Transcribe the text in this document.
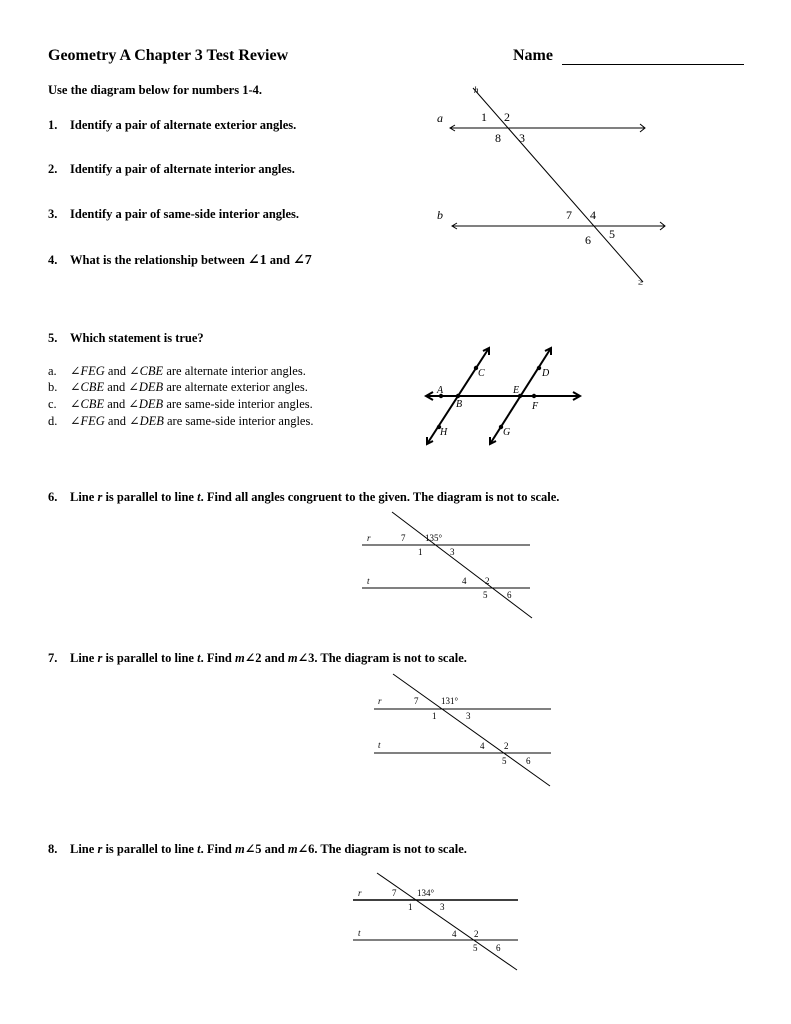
Geometry A Chapter 3 Test Review	Name
Use the diagram below for numbers 1-4.
1. Identify a pair of alternate exterior angles.
2. Identify a pair of alternate interior angles.
3. Identify a pair of same-side interior angles.
4. What is the relationship between ∠1 and ∠7
a
b
h
≥
1 2
8 3
7 4
6 5
5. Which statement is true?
a. ∠FEG and ∠CBE are alternate interior angles.
b. ∠CBE and ∠DEB are alternate exterior angles.
c. ∠CBE and ∠DEB are same-side interior angles.
d. ∠FEG and ∠DEB are same-side interior angles.
A
B
C	D
E
F
H	G
6. Line r is parallel to line t. Find all angles congruent to the given. The diagram is not to scale.
r
t
135°
7
1	3
4 2
5 6
7. Line r is parallel to line t. Find m∠2 and m∠3. The diagram is not to scale.
r
t
131°
7
1	3
4 2
5 6
8. Line r is parallel to line t. Find m∠5 and m∠6. The diagram is not to scale.
r
t
134°
7
1	3
4 2
5 6
